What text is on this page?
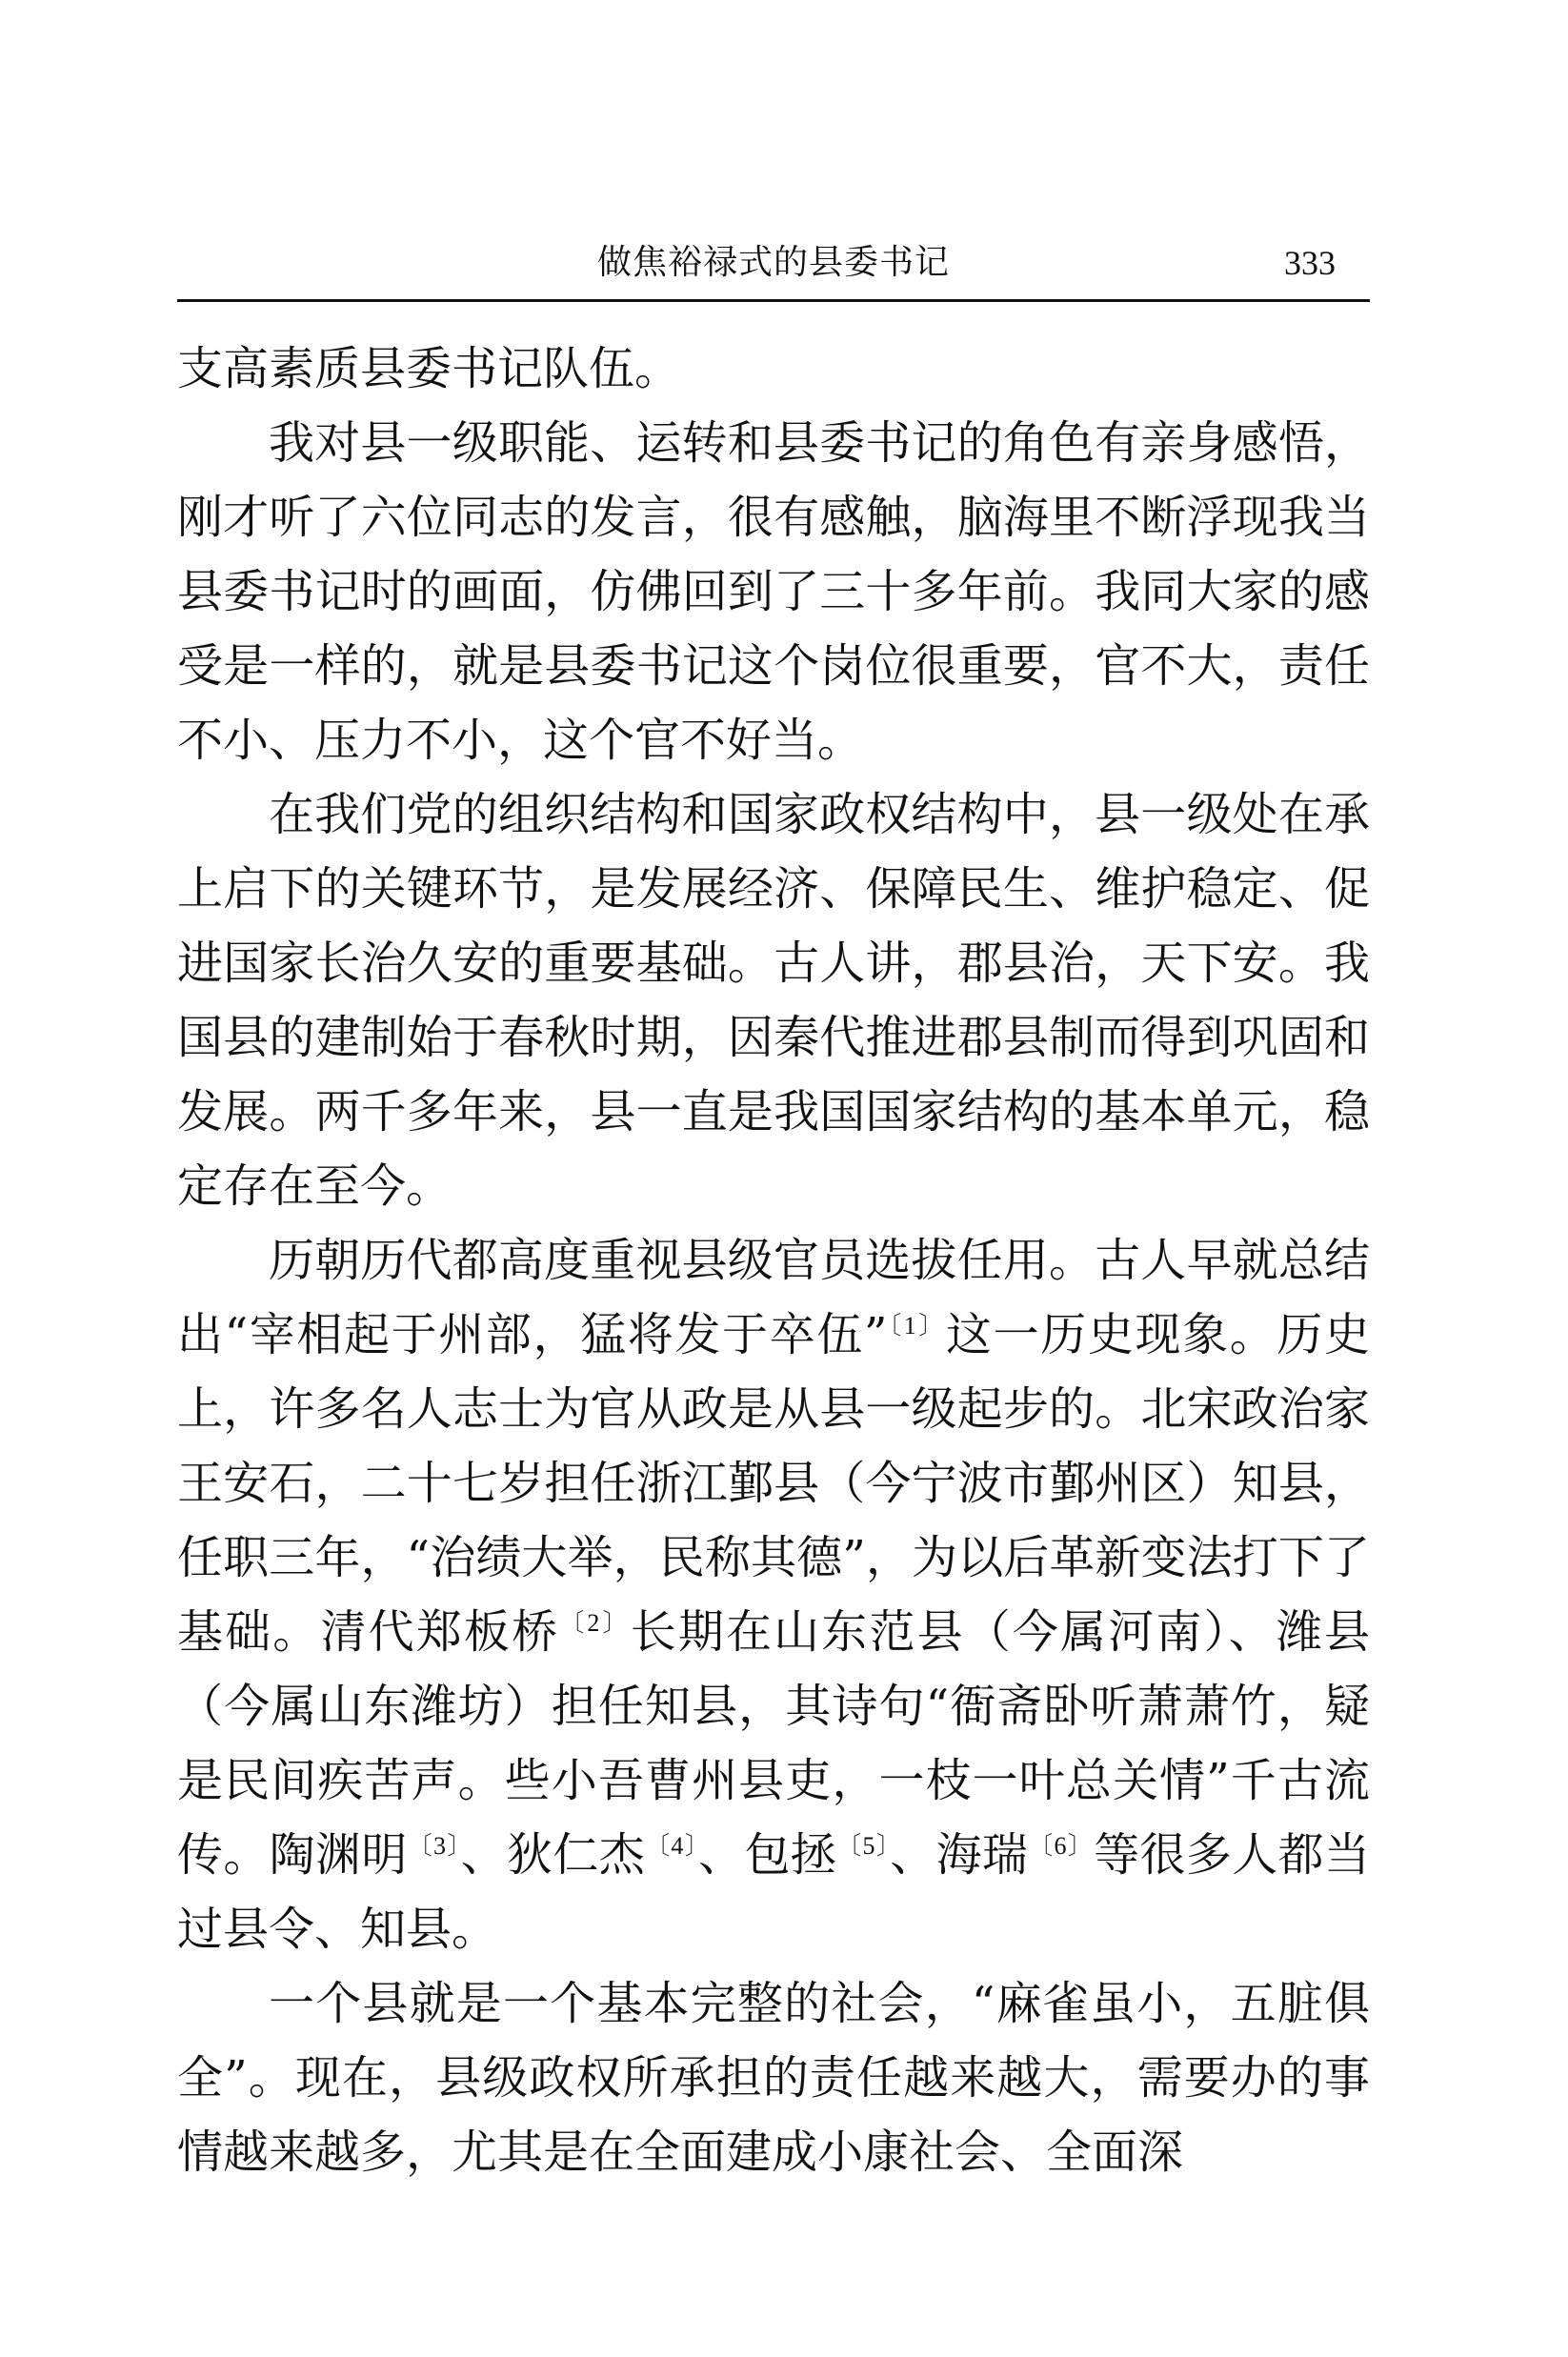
做焦裕禄式的县委书记	333

支高素质县委书记队伍。

我对县一级职能、运转和县委书记的角色有亲身感悟，刚才听了六位同志的发言，很有感触，脑海里不断浮现我当县委书记时的画面，仿佛回到了三十多年前。我同大家的感受是一样的，就是县委书记这个岗位很重要，官不大，责任不小、压力不小，这个官不好当。

在我们党的组织结构和国家政权结构中，县一级处在承上启下的关键环节，是发展经济、保障民生、维护稳定、促进国家长治久安的重要基础。古人讲，郡县治，天下安。我国县的建制始于春秋时期，因秦代推进郡县制而得到巩固和发展。两千多年来，县一直是我国国家结构的基本单元，稳定存在至今。

历朝历代都高度重视县级官员选拔任用。古人早就总结出“宰相起于州部，猛将发于卒伍”$^{〔1〕}$这一历史现象。历史上，许多名人志士为官从政是从县一级起步的。北宋政治家王安石，二十七岁担任浙江鄞县（今宁波市鄞州区）知县，任职三年，“治绩大举，民称其德”，为以后革新变法打下了基础。清代郑板桥$^{〔2〕}$长期在山东范县（今属河南）、潍县（今属山东潍坊）担任知县，其诗句“衙斋卧听萧萧竹，疑是民间疾苦声。些小吾曹州县吏，一枝一叶总关情”千古流传。陶渊明$^{〔3〕}$、狄仁杰$^{〔4〕}$、包拯$^{〔5〕}$、海瑞$^{〔6〕}$等很多人都当过县令、知县。

一个县就是一个基本完整的社会，“麻雀虽小，五脏俱全”。现在，县级政权所承担的责任越来越大，需要办的事情越来越多，尤其是在全面建成小康社会、全面深
